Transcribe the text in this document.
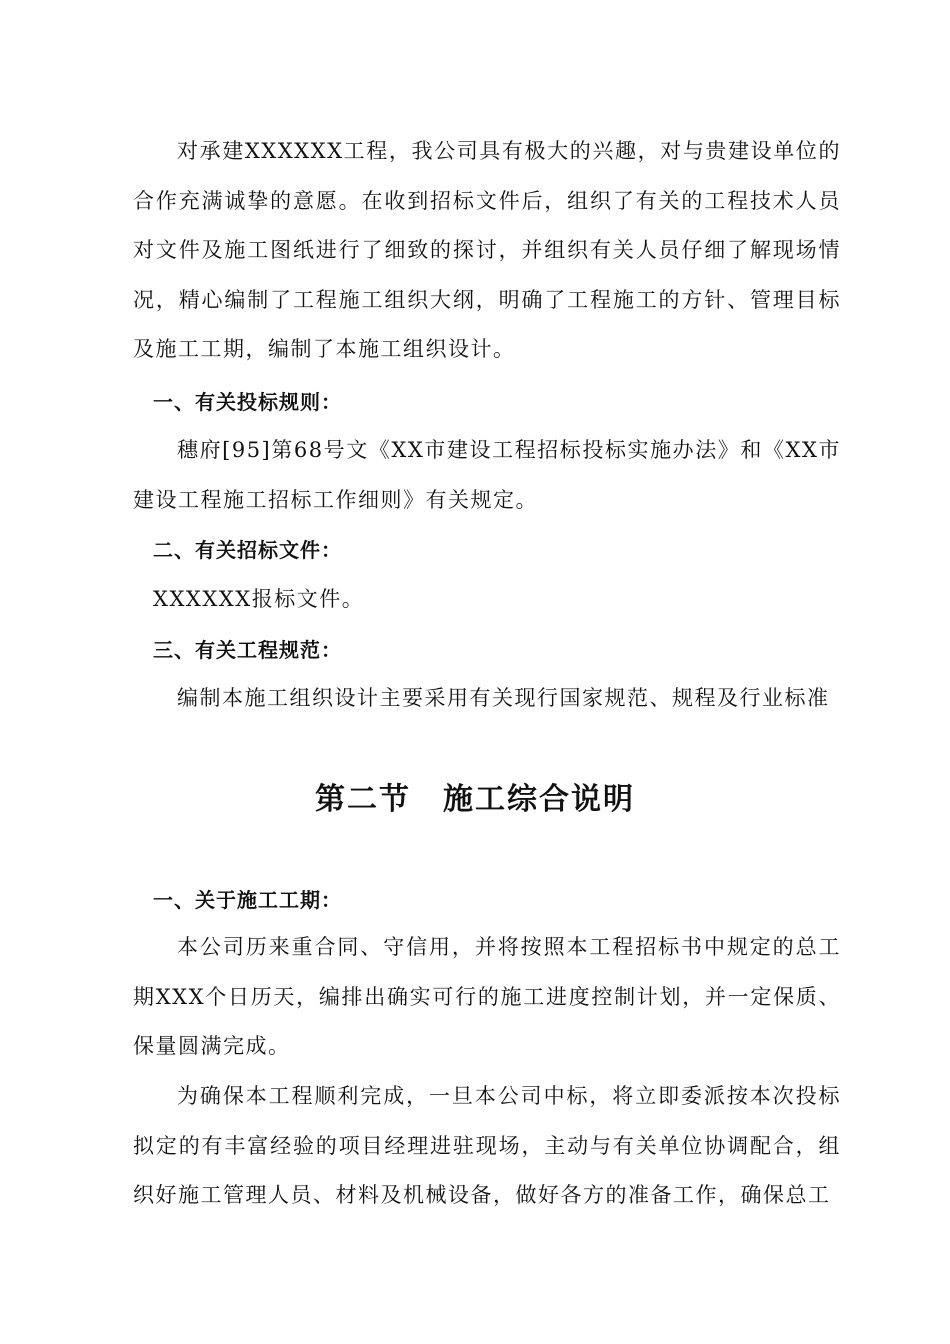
对承建XXXXXX工程，我公司具有极大的兴趣，对与贵建设单位的合作充满诚挚的意愿。在收到招标文件后，组织了有关的工程技术人员对文件及施工图纸进行了细致的探讨，并组织有关人员仔细了解现场情况，精心编制了工程施工组织大纲，明确了工程施工的方针、管理目标及施工工期，编制了本施工组织设计。

一、有关投标规则：

穗府[95]第68号文《XX市建设工程招标投标实施办法》和《XX市建设工程施工招标工作细则》有关规定。

二、有关招标文件：

XXXXXX报标文件。

三、有关工程规范：

编制本施工组织设计主要采用有关现行国家规范、规程及行业标准

第二节　施工综合说明
一、关于施工工期：

本公司历来重合同、守信用，并将按照本工程招标书中规定的总工期XXX个日历天，编排出确实可行的施工进度控制计划，并一定保质、保量圆满完成。

为确保本工程顺利完成，一旦本公司中标，将立即委派按本次投标拟定的有丰富经验的项目经理进驻现场，主动与有关单位协调配合，组织好施工管理人员、材料及机械设备，做好各方的准备工作，确保总工
